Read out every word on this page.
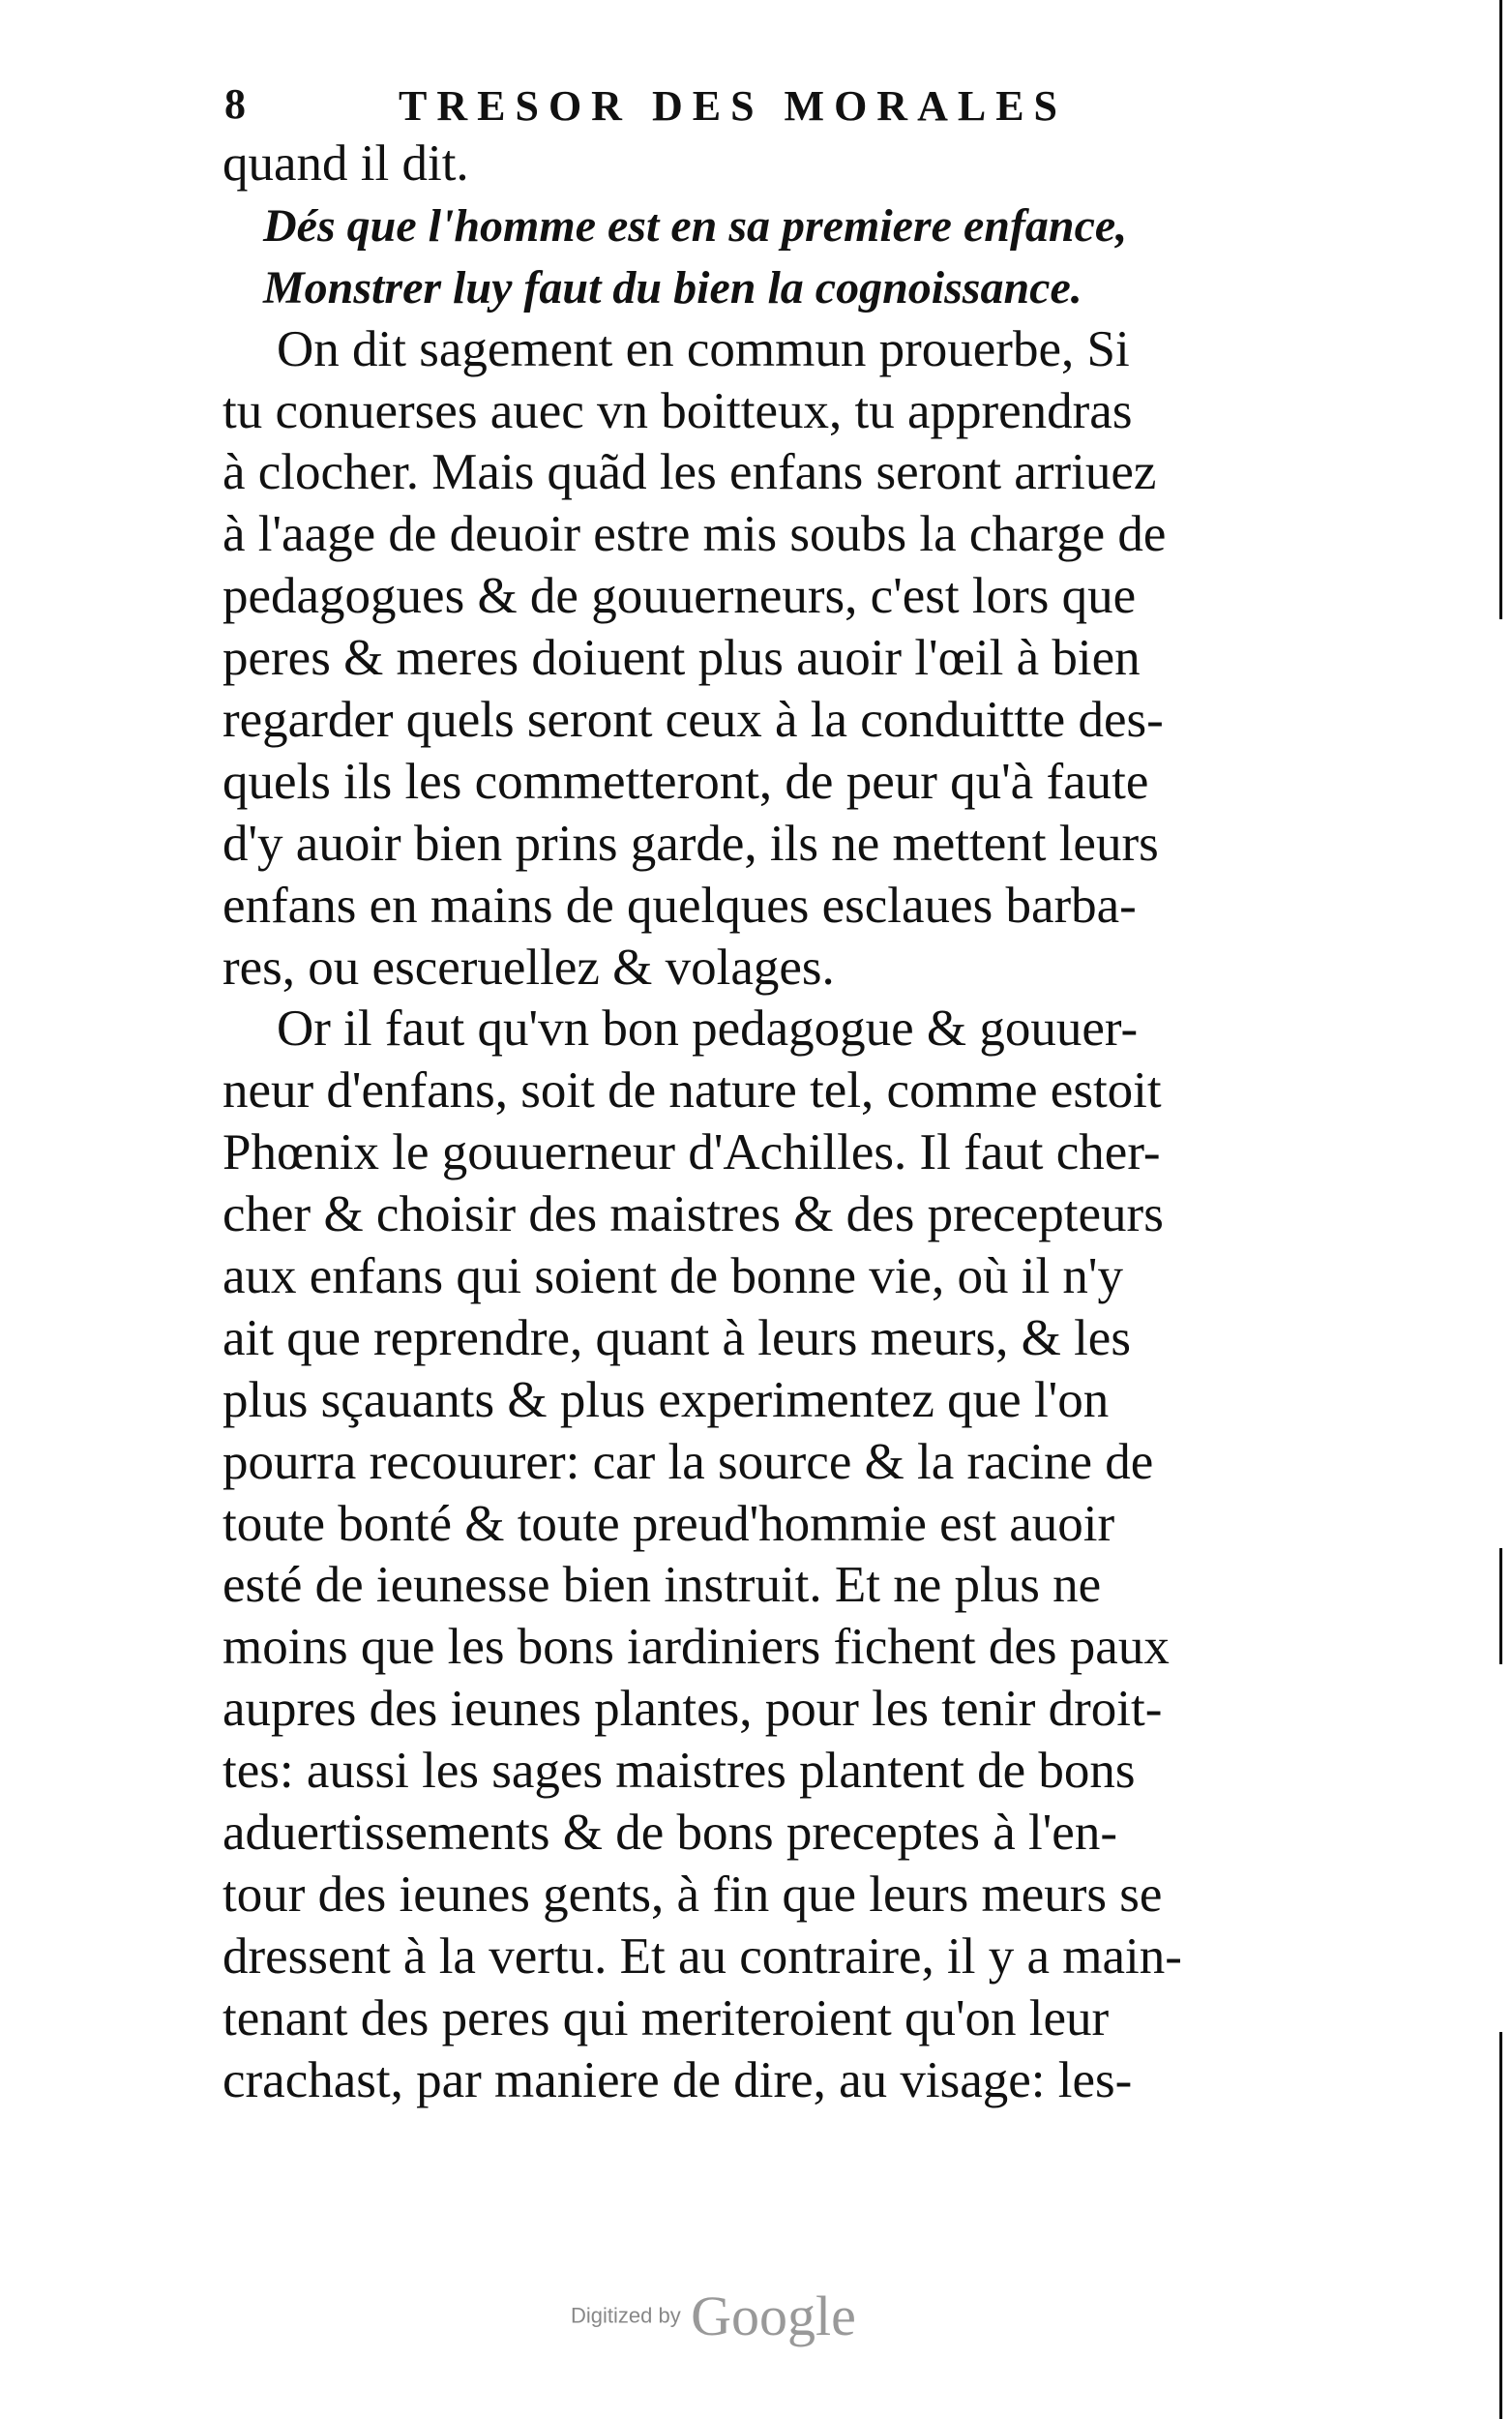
8	TRESOR DES MORALES
quand il dit.
Dés que l'homme est en sa premiere enfance,
Monstrer luy faut du bien la cognoissance.
On dit sagement en commun prouerbe, Si
tu conuerses auec vn boitteux, tu apprendras
à clocher. Mais quãd les enfans seront arriuez
à l'aage de deuoir estre mis soubs la charge de
pedagogues & de gouuerneurs, c'est lors que
peres & meres doiuent plus auoir l'œil à bien
regarder quels seront ceux à la conduittte des-
quels ils les commetteront, de peur qu'à faute
d'y auoir bien prins garde, ils ne mettent leurs
enfans en mains de quelques esclaues barba-
res, ou esceruellez & volages.
Or il faut qu'vn bon pedagogue & gouuer-
neur d'enfans, soit de nature tel, comme estoit
Phœnix le gouuerneur d'Achilles. Il faut cher-
cher & choisir des maistres & des precepteurs
aux enfans qui soient de bonne vie, où il n'y
ait que reprendre, quant à leurs meurs, & les
plus sçauants & plus experimentez que l'on
pourra recouurer: car la source & la racine de
toute bonté & toute preud'hommie est auoir
esté de ieunesse bien instruit. Et ne plus ne
moins que les bons iardiniers fichent des paux
aupres des ieunes plantes, pour les tenir droit-
tes: aussi les sages maistres plantent de bons
aduertissements & de bons preceptes à l'en-
tour des ieunes gents, à fin que leurs meurs se
dressent à la vertu. Et au contraire, il y a main-
tenant des peres qui meriteroient qu'on leur
crachast, par maniere de dire, au visage: les-
Digitized by Google
